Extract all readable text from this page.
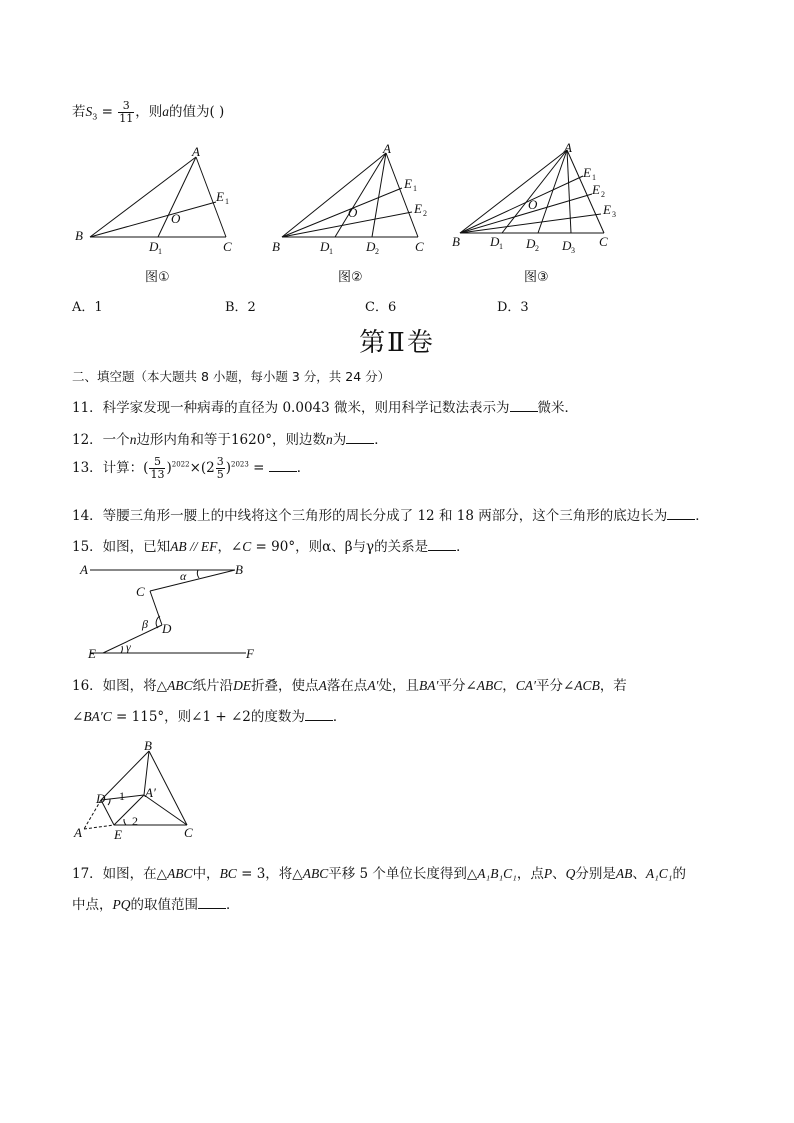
若$S_3 = \frac{3}{11}$ ，则a的值为( )
A
B
C
D 1
E 1
O
A
B	C
D 1	D 2
E 1
E 2
O
A
B	C
D 1 D 2 D 3
E 1
E 2
E 3
O
图①	图②	图③
A．1	B．2	C．6	D．3
第Ⅱ卷
二、填空题（本大题共 8 小题，每小题 3 分，共 24 分）
11．科学家发现一种病毒的直径为 0.0043 微米，则用科学记数法表示为 微米．
12．一个n边形内角和等于1620°，则边数n为 ．
13．计算：( $\frac{5}{13} )^{2022}\times(2 \frac{3}{5} )^{2023}$ = ．
14．等腰三角形一腰上的中线将这个三角形的周长分成了 12 和 18 两部分，这个三角形的底边长为 ．
15．如图，已知AB // EF，∠C = 90°，则α、β与γ的关系是 ．
A	B
C
D
E	F
α
β
γ
16．如图，将△ABC纸片沿DE折叠，使点A落在点A′处，且BA′平分∠ABC，CA′平分∠ACB，若
∠BA′C = 115°，则∠1 + ∠2的度数为 ．
B
D	A′
A E	C
1
2
17．如图，在△ABC中，BC = 3，将△ABC平移 5 个单位长度得到△A₁B₁C₁，点P、Q分别是AB、A₁C₁的
中点，PQ的取值范围 ．
